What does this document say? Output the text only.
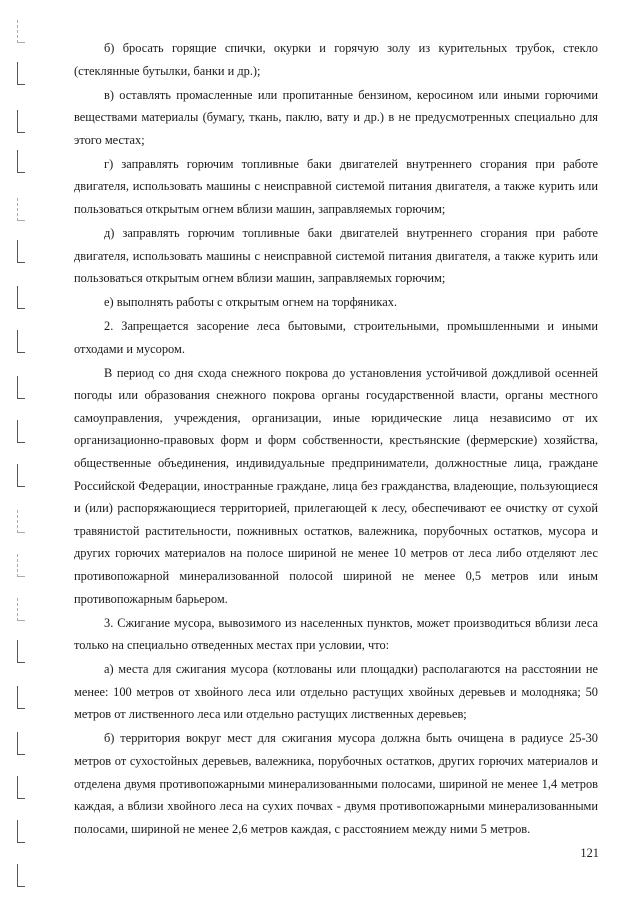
б) бросать горящие спички, окурки и горячую золу из курительных трубок, стекло (стеклянные бутылки, банки и др.);

в) оставлять промасленные или пропитанные бензином, керосином или иными горючими веществами материалы (бумагу, ткань, паклю, вату и др.) в не предусмотренных специально для этого местах;

г) заправлять горючим топливные баки двигателей внутреннего сгорания при работе двигателя, использовать машины с неисправной системой питания двигателя, а также курить или пользоваться открытым огнем вблизи машин, заправляемых горючим;

д) заправлять горючим топливные баки двигателей внутреннего сгорания при работе двигателя, использовать машины с неисправной системой питания двигателя, а также курить или пользоваться открытым огнем вблизи машин, заправляемых горючим;

е) выполнять работы с открытым огнем на торфяниках.

2. Запрещается засорение леса бытовыми, строительными, промышленными и иными отходами и мусором.

В период со дня схода снежного покрова до установления устойчивой дождливой осенней погоды или образования снежного покрова органы государственной власти, органы местного самоуправления, учреждения, организации, иные юридические лица независимо от их организационно-правовых форм и форм собственности, крестьянские (фермерские) хозяйства, общественные объединения, индивидуальные предприниматели, должностные лица, граждане Российской Федерации, иностранные граждане, лица без гражданства, владеющие, пользующиеся и (или) распоряжающиеся территорией, прилегающей к лесу, обеспечивают ее очистку от сухой травянистой растительности, пожнивных остатков, валежника, порубочных остатков, мусора и других горючих материалов на полосе шириной не менее 10 метров от леса либо отделяют лес противопожарной минерализованной полосой шириной не менее 0,5 метров или иным противопожарным барьером.

3. Сжигание мусора, вывозимого из населенных пунктов, может производиться вблизи леса только на специально отведенных местах при условии, что:

а) места для сжигания мусора (котлованы или площадки) располагаются на расстоянии не менее: 100 метров от хвойного леса или отдельно растущих хвойных деревьев и молодняка; 50 метров от лиственного леса или отдельно растущих лиственных деревьев;

б) территория вокруг мест для сжигания мусора должна быть очищена в радиусе 25-30 метров от сухостойных деревьев, валежника, порубочных остатков, других горючих материалов и отделена двумя противопожарными минерализованными полосами, шириной не менее 1,4 метров каждая, а вблизи хвойного леса на сухих почвах - двумя противопожарными минерализованными полосами, шириной не менее 2,6 метров каждая, с расстоянием между ними 5 метров.

121
